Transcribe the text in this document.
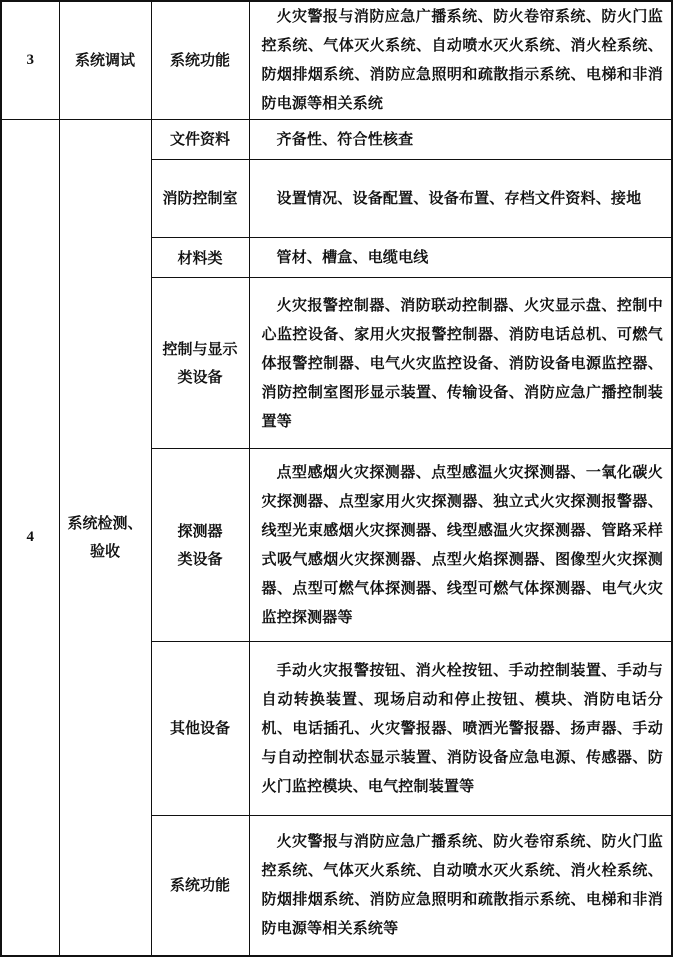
3	系统调试	系统功能	火灾警报与消防应急广播系统、防火卷帘系统、防火门监控系统、气体灭火系统、自动喷水灭火系统、消火栓系统、防烟排烟系统、消防应急照明和疏散指示系统、电梯和非消防电源等相关系统
4	系统检测、验收	文件资料	齐备性、符合性核查
		消防控制室	设置情况、设备配置、设备布置、存档文件资料、接地
		材料类	管材、槽盒、电缆电线
		控制与显示类设备	火灾报警控制器、消防联动控制器、火灾显示盘、控制中心监控设备、家用火灾报警控制器、消防电话总机、可燃气体报警控制器、电气火灾监控设备、消防设备电源监控器、消防控制室图形显示装置、传输设备、消防应急广播控制装置等
		探测器类设备	点型感烟火灾探测器、点型感温火灾探测器、一氧化碳火灾探测器、点型家用火灾探测器、独立式火灾探测报警器、线型光束感烟火灾探测器、线型感温火灾探测器、管路采样式吸气感烟火灾探测器、点型火焰探测器、图像型火灾探测器、点型可燃气体探测器、线型可燃气体探测器、电气火灾监控探测器等
		其他设备	手动火灾报警按钮、消火栓按钮、手动控制装置、手动与自动转换装置、现场启动和停止按钮、模块、消防电话分机、电话插孔、火灾警报器、喷洒光警报器、扬声器、手动与自动控制状态显示装置、消防设备应急电源、传感器、防火门监控模块、电气控制装置等
		系统功能	火灾警报与消防应急广播系统、防火卷帘系统、防火门监控系统、气体灭火系统、自动喷水灭火系统、消火栓系统、防烟排烟系统、消防应急照明和疏散指示系统、电梯和非消防电源等相关系统等
